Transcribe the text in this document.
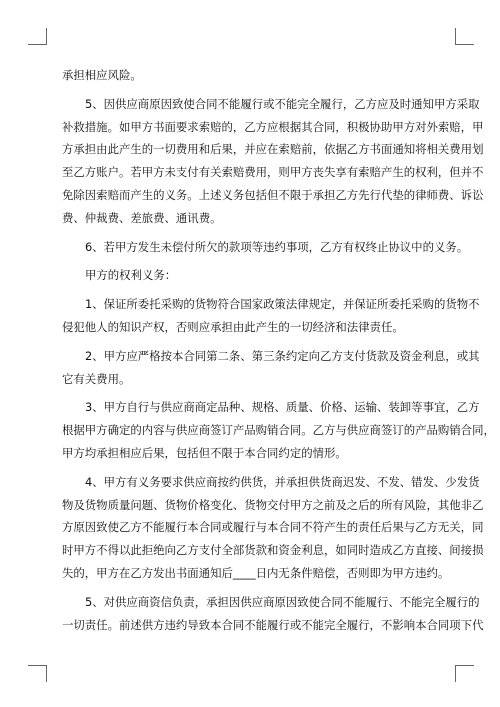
承担相应风险。
5、因供应商原因致使合同不能履行或不能完全履行，乙方应及时通知甲方采取
补救措施。如甲方书面要求索赔的，乙方应根据其合同，积极协助甲方对外索赔，甲
方承担由此产生的一切费用和后果，并应在索赔前，依据乙方书面通知将相关费用划
至乙方账户。若甲方未支付有关索赔费用，则甲方丧失享有索赔产生的权利，但并不
免除因索赔而产生的义务。上述义务包括但不限于承担乙方先行代垫的律师费、诉讼
费、仲裁费、差旅费、通讯费。
6、若甲方发生未偿付所欠的款项等违约事项，乙方有权终止协议中的义务。
甲方的权利义务：
1、保证所委托采购的货物符合国家政策法律规定，并保证所委托采购的货物不
侵犯他人的知识产权，否则应承担由此产生的一切经济和法律责任。
2、甲方应严格按本合同第二条、第三条约定向乙方支付货款及资金利息，或其
它有关费用。
3、甲方自行与供应商商定品种、规格、质量、价格、运输、装卸等事宜，乙方
根据甲方确定的内容与供应商签订产品购销合同。乙方与供应商签订的产品购销合同，
甲方均承担相应后果，包括但不限于本合同约定的情形。
4、甲方有义务要求供应商按约供货，并承担供货商迟发、不发、错发、少发货
物及货物质量问题、货物价格变化、货物交付甲方之前及之后的所有风险，其他非乙
方原因致使乙方不能履行本合同或履行与本合同不符产生的责任后果与乙方无关，同
时甲方不得以此拒绝向乙方支付全部货款和资金利息，如同时造成乙方直接、间接损
失的，甲方在乙方发出书面通知后____日内无条件赔偿，否则即为甲方违约。
5、对供应商资信负责，承担因供应商原因致使合同不能履行、不能完全履行的
一切责任。前述供方违约导致本合同不能履行或不能完全履行，不影响本合同项下代
